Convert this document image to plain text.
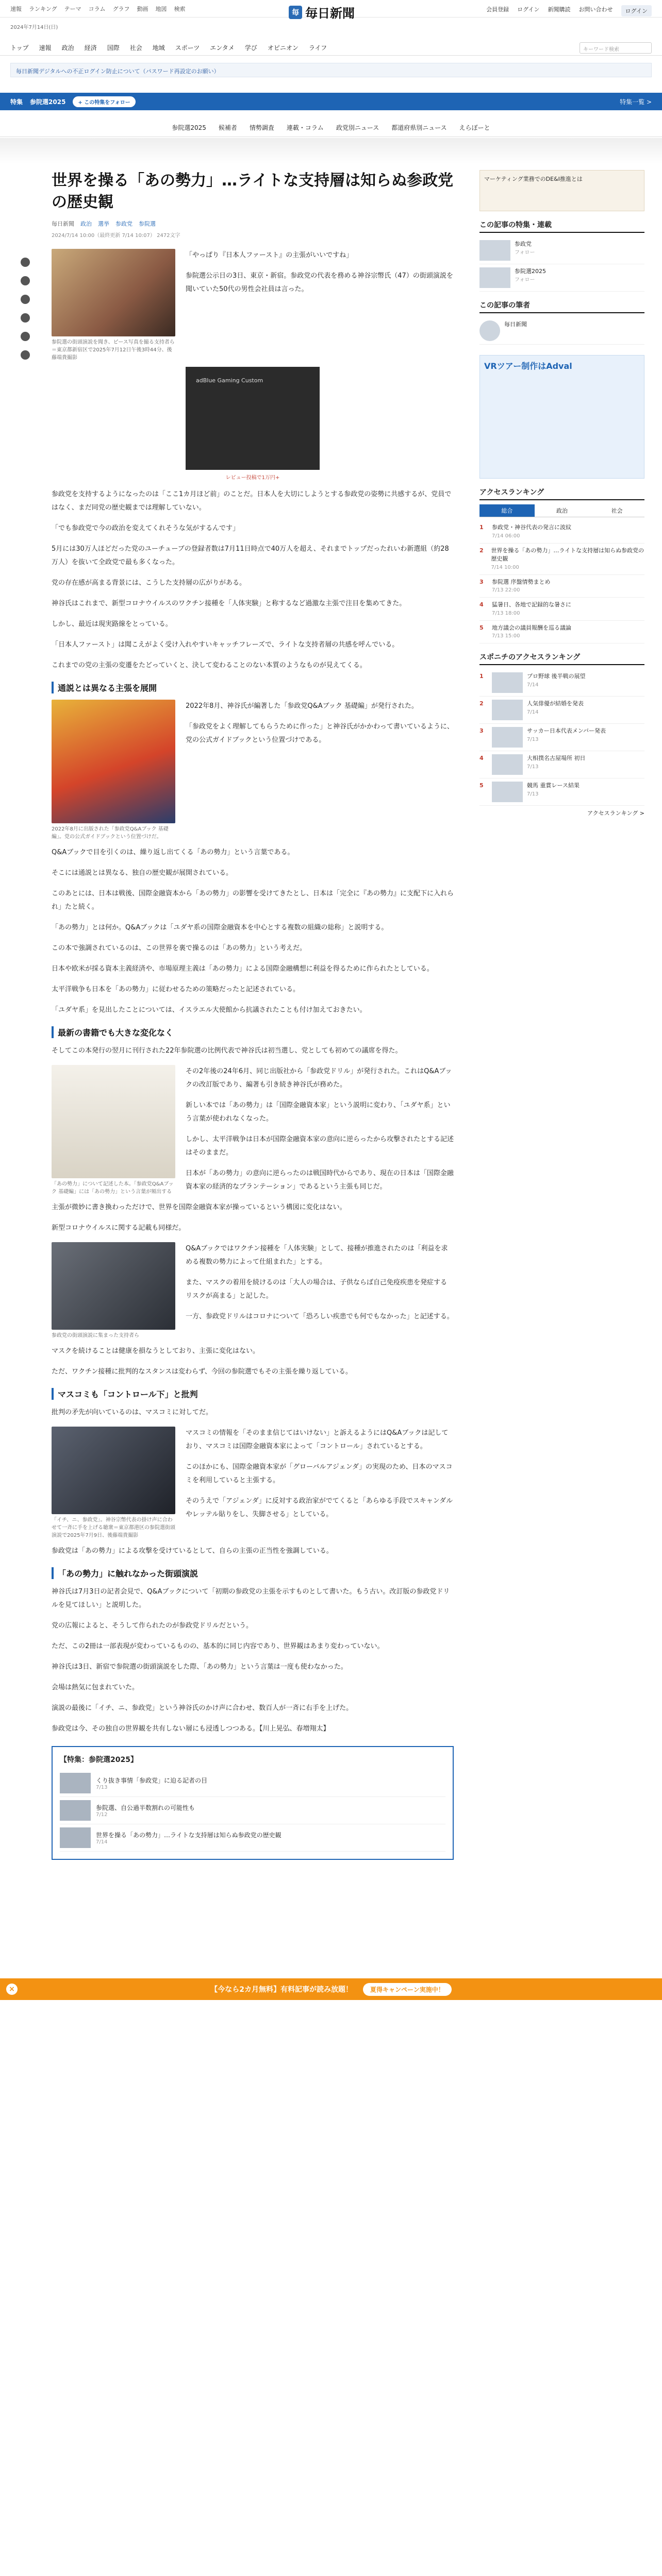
速報 ランキング テーマ コラム グラフ 動画 地図 検索
2024年7月14日(日)
毎 毎日新聞	会員登録 ログイン 新聞購読 お問い合わせ	ログイン
トップ 速報 政治 経済 国際 社会 地域 スポーツ エンタメ 学び オピニオン ライフ	キーワード検索
毎日新聞デジタルへの不正ログイン防止について（パスワード再設定のお願い）
特集 参院選2025	+ この特集をフォロー	特集一覧 >
参院選2025 候補者 情勢調査 連載・コラム 政党別ニュース 都道府県別ニュース えらぼーと
世界を操る「あの勢力」…ライトな支持層は知らぬ参政党の歴史観
毎日新聞 政治 選挙 参政党 参院選
2024/7/14 10:00（最終更新 7/14 10:07） 2472文字
参院選の街頭演説を聞き、ピース写真を撮る支持者ら＝東京都新宿区で2025年7月12日午後3時44分、後藤端貴撮影

「やっぱり『日本人ファースト』の主張がいいですね」

参院選公示日の3日、東京・新宿。参政党の代表を務める神谷宗幣氏（47）の街頭演説を聞いていた50代の男性会社員は言った。

adBlue Gaming Custom
レビュー投稿で1万円+

参政党を支持するようになったのは「ここ1カ月ほど前」のことだ。日本人を大切にしようとする参政党の姿勢に共感するが、党員ではなく、まだ同党の歴史観までは理解していない。

「でも参政党で今の政治を変えてくれそうな気がするんです」

5月には30万人ほどだった党のユーチューブの登録者数は7月11日時点で40万人を超え、それまでトップだったれいわ新選組（約28万人）を抜いて全政党で最も多くなった。

党の存在感が高まる背景には、こうした支持層の広がりがある。

神谷氏はこれまで、新型コロナウイルスのワクチン接種を「人体実験」と称するなど過激な主張で注目を集めてきた。

しかし、最近は現実路線をとっている。

「日本人ファースト」は聞こえがよく受け入れやすいキャッチフレーズで、ライトな支持者層の共感を呼んでいる。

これまでの党の主張の変遷をたどっていくと、決して変わることのない本質のようなものが見えてくる。

通説とは異なる主張を展開
2022年8月に出版された「参政党Q&Aブック 基礎編」。党の公式ガイドブックという位置づけだ。

2022年8月、神谷氏が編著した「参政党Q&Aブック 基礎編」が発行された。

「参政党をよく理解してもらうために作った」と神谷氏がかかわって書いているように、党の公式ガイドブックという位置づけである。

Q&Aブックで目を引くのは、繰り返し出てくる「あの勢力」という言葉である。

そこには通説とは異なる、独自の歴史観が展開されている。

このあとには、日本は戦後、国際金融資本から「あの勢力」の影響を受けてきたとし、日本は「完全に『あの勢力』に支配下に入れられ」たと続く。

「あの勢力」とは何か。Q&Aブックは「ユダヤ系の国際金融資本を中心とする複数の組織の総称」と説明する。

この本で強調されているのは、この世界を裏で操るのは「あの勢力」という考えだ。

日本や欧米が採る資本主義経済や、市場原理主義は「あの勢力」による国際金融構想に利益を得るために作られたとしている。

太平洋戦争も日本を「あの勢力」に従わせるための策略だったと記述されている。

「ユダヤ系」を見出したことについては、イスラエル大使館から抗議されたことも付け加えておきたい。

最新の書籍でも大きな変化なく

そしてこの本発行の翌月に刊行された22年参院選の比例代表で神谷氏は初当選し、党としても初めての議席を得た。

「あの勢力」について記述した本。「参政党Q&Aブック 基礎編」には「あの勢力」という言葉が頻出する

その2年後の24年6月、同じ出版社から「参政党ドリル」が発行された。これはQ&Aブックの改訂版であり、編著も引き続き神谷氏が務めた。

新しい本では「あの勢力」は「国際金融資本家」という説明に変わり、「ユダヤ系」という言葉が使われなくなった。

しかし、太平洋戦争は日本が国際金融資本家の意向に逆らったから攻撃されたとする記述はそのままだ。

日本が「あの勢力」の意向に逆らったのは戦国時代からであり、現在の日本は「国際金融資本家の経済的なプランテーション」であるという主張も同じだ。

主張が微妙に書き換わっただけで、世界を国際金融資本家が操っているという構図に変化はない。

新型コロナウイルスに関する記載も同様だ。

参政党の街頭演説に集まった支持者ら

Q&Aブックではワクチン接種を「人体実験」として、接種が推進されたのは「利益を求める複数の勢力によって仕組まれた」とする。

また、マスクの着用を続けるのは「大人の場合は、子供ならば自己免疫疾患を発症するリスクが高まる」と記した。

一方、参政党ドリルはコロナについて「恐ろしい疾患でも何でもなかった」と記述する。

マスクを続けることは健康を損なうとしており、主張に変化はない。

ただ、ワクチン接種に批判的なスタンスは変わらず、今回の参院選でもその主張を繰り返している。

マスコミも「コントロール下」と批判

批判の矛先が向いているのは、マスコミに対してだ。

「イチ、ニ、参政党」。神谷宗幣代表の掛け声に合わせて一斉に手を上げる聴衆＝東京都港区の参院選街頭演説で2025年7月9日、後藤端貴撮影

マスコミの情報を「そのまま信じてはいけない」と訴えるようにはQ&Aブックは記しており、マスコミは国際金融資本家によって「コントロール」されているとする。

このほかにも、国際金融資本家が「グローバルアジェンダ」の実現のため、日本のマスコミを利用していると主張する。

そのうえで「アジェンダ」に反対する政治家がでてくると「あらゆる手段でスキャンダルやレッテル貼りをし、失脚させる」としている。

参政党は「あの勢力」による攻撃を受けているとして、自らの主張の正当性を強調している。

「あの勢力」に触れなかった街頭演説

神谷氏は7月3日の記者会見で、Q&Aブックについて「初期の参政党の主張を示すものとして書いた。もう古い。改訂版の参政党ドリルを見てほしい」と説明した。

党の広報によると、そうして作られたのが参政党ドリルだという。

ただ、この2冊は一部表現が変わっているものの、基本的に同じ内容であり、世界観はあまり変わっていない。

神谷氏は3日、新宿で参院選の街頭演説をした際、「あの勢力」という言葉は一度も使わなかった。

会場は熱気に包まれていた。

演説の最後に「イチ、ニ、参政党」という神谷氏のかけ声に合わせ、数百人が一斉に右手を上げた。

参政党は今、その独自の世界観を共有しない層にも浸透しつつある。【川上晃弘、春増翔太】

【特集：参院選2025】
くり抜き事情「参政党」に迫る記者の目
7/13
参院選、自公過半数割れの可能性も
7/12
世界を操る「あの勢力」…ライトな支持層は知らぬ参政党の歴史観
7/14
マーケティング業務でのDE&I推進とは
この記事の特集・連載
参政党
フォロー
参院選2025
フォロー
この記事の筆者
毎日新聞
VRツアー制作はAdval
アクセスランキング
総合	政治	社会
1	参政党・神谷代表の発言に波紋
7/14 06:00
2	世界を操る「あの勢力」…ライトな支持層は知らぬ参政党の歴史観
7/14 10:00
3	参院選 序盤情勢まとめ
7/13 22:00
4	猛暑日、各地で記録的な暑さに
7/13 18:00
5	地方議会の議員報酬を巡る議論
7/13 15:00
スポニチのアクセスランキング
1	プロ野球 後半戦の展望
7/14
2	人気俳優が結婚を発表
7/14
3	サッカー日本代表メンバー発表
7/13
4	大相撲名古屋場所 初日
7/13
5	競馬 重賞レース結果
7/13
アクセスランキング >
×	【今なら2カ月無料】有料記事が読み放題！	夏得キャンペーン実施中！
